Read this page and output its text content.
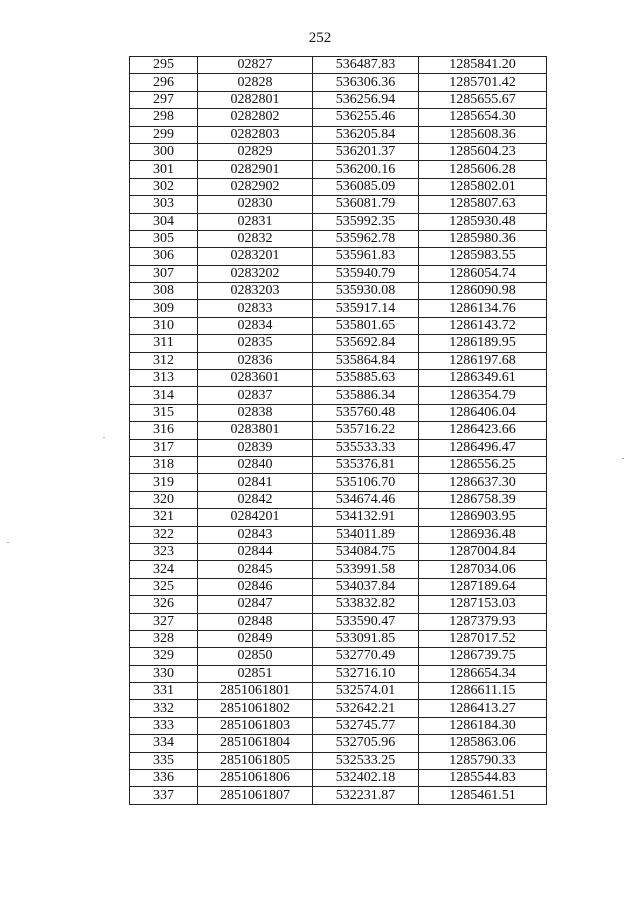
252
295	02827	536487.83	1285841.20
296	02828	536306.36	1285701.42
297	0282801	536256.94	1285655.67
298	0282802	536255.46	1285654.30
299	0282803	536205.84	1285608.36
300	02829	536201.37	1285604.23
301	0282901	536200.16	1285606.28
302	0282902	536085.09	1285802.01
303	02830	536081.79	1285807.63
304	02831	535992.35	1285930.48
305	02832	535962.78	1285980.36
306	0283201	535961.83	1285983.55
307	0283202	535940.79	1286054.74
308	0283203	535930.08	1286090.98
309	02833	535917.14	1286134.76
310	02834	535801.65	1286143.72
311	02835	535692.84	1286189.95
312	02836	535864.84	1286197.68
313	0283601	535885.63	1286349.61
314	02837	535886.34	1286354.79
315	02838	535760.48	1286406.04
316	0283801	535716.22	1286423.66
317	02839	535533.33	1286496.47
318	02840	535376.81	1286556.25
319	02841	535106.70	1286637.30
320	02842	534674.46	1286758.39
321	0284201	534132.91	1286903.95
322	02843	534011.89	1286936.48
323	02844	534084.75	1287004.84
324	02845	533991.58	1287034.06
325	02846	534037.84	1287189.64
326	02847	533832.82	1287153.03
327	02848	533590.47	1287379.93
328	02849	533091.85	1287017.52
329	02850	532770.49	1286739.75
330	02851	532716.10	1286654.34
331	2851061801	532574.01	1286611.15
332	2851061802	532642.21	1286413.27
333	2851061803	532745.77	1286184.30
334	2851061804	532705.96	1285863.06
335	2851061805	532533.25	1285790.33
336	2851061806	532402.18	1285544.83
337	2851061807	532231.87	1285461.51
